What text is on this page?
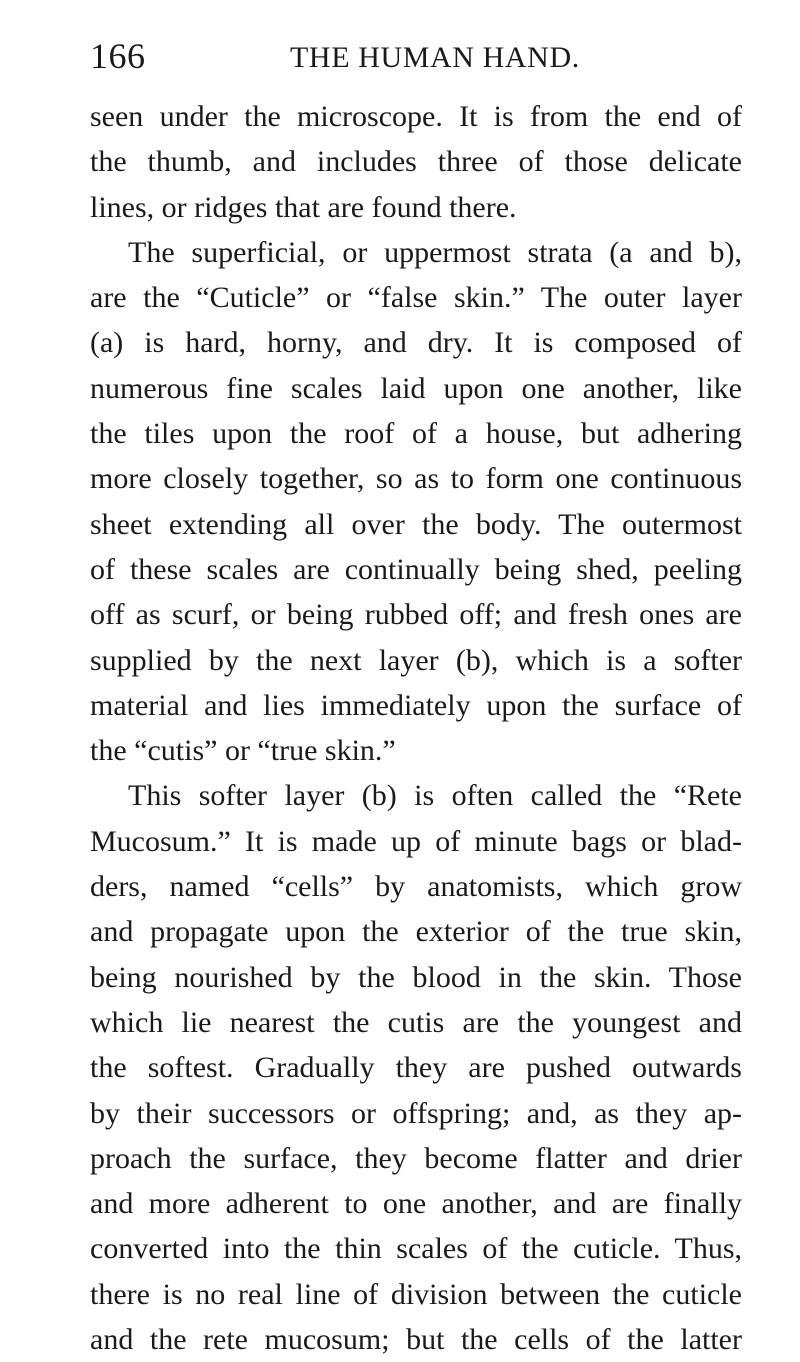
166	THE HUMAN HAND.
seen under the microscope. It is from the end of
the thumb, and includes three of those delicate
lines, or ridges that are found there.
The superficial, or uppermost strata (a and b),
are the “Cuticle” or “false skin.” The outer layer
(a) is hard, horny, and dry. It is composed of
numerous fine scales laid upon one another, like
the tiles upon the roof of a house, but adhering
more closely together, so as to form one continuous
sheet extending all over the body. The outermost
of these scales are continually being shed, peeling
off as scurf, or being rubbed off; and fresh ones are
supplied by the next layer (b), which is a softer
material and lies immediately upon the surface of
the “cutis” or “true skin.”
This softer layer (b) is often called the “Rete
Mucosum.” It is made up of minute bags or blad-
ders, named “cells” by anatomists, which grow
and propagate upon the exterior of the true skin,
being nourished by the blood in the skin. Those
which lie nearest the cutis are the youngest and
the softest. Gradually they are pushed outwards
by their successors or offspring; and, as they ap-
proach the surface, they become flatter and drier
and more adherent to one another, and are finally
converted into the thin scales of the cuticle. Thus,
there is no real line of division between the cuticle
and the rete mucosum; but the cells of the latter
